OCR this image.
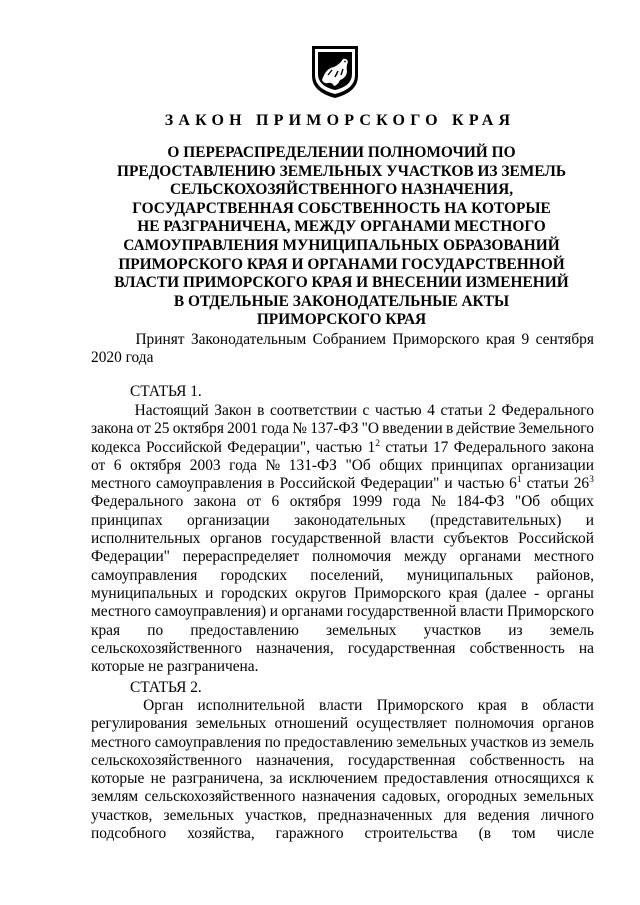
ЗАКОН ПРИМОРСКОГО КРАЯ
О ПЕРЕРАСПРЕДЕЛЕНИИ ПОЛНОМОЧИЙ ПО
ПРЕДОСТАВЛЕНИЮ ЗЕМЕЛЬНЫХ УЧАСТКОВ ИЗ ЗЕМЕЛЬ
СЕЛЬСКОХОЗЯЙСТВЕННОГО НАЗНАЧЕНИЯ,
ГОСУДАРСТВЕННАЯ СОБСТВЕННОСТЬ НА КОТОРЫЕ
НЕ РАЗГРАНИЧЕНА, МЕЖДУ ОРГАНАМИ МЕСТНОГО
САМОУПРАВЛЕНИЯ МУНИЦИПАЛЬНЫХ ОБРАЗОВАНИЙ
ПРИМОРСКОГО КРАЯ И ОРГАНАМИ ГОСУДАРСТВЕННОЙ
ВЛАСТИ ПРИМОРСКОГО КРАЯ И ВНЕСЕНИИ ИЗМЕНЕНИЙ
В ОТДЕЛЬНЫЕ ЗАКОНОДАТЕЛЬНЫЕ АКТЫ
ПРИМОРСКОГО КРАЯ
Принят Законодательным Собранием Приморского края 9 сентября
2020 года
СТАТЬЯ 1.
Настоящий Закон в соответствии с частью 4 статьи 2 Федерального
закона от 25 октября 2001 года № 137-ФЗ "О введении в действие Земельного
кодекса Российской Федерации", частью $1^2$ статьи 17 Федерального закона
от 6 октября 2003 года № 131-ФЗ "Об общих принципах организации
местного самоуправления в Российской Федерации" и частью $6^1$ статьи $26^3$
Федерального закона от 6 октября 1999 года № 184-ФЗ "Об общих
принципах организации законодательных (представительных) и
исполнительных органов государственной власти субъектов Российской
Федерации" перераспределяет полномочия между органами местного
самоуправления городских поселений, муниципальных районов,
муниципальных и городских округов Приморского края (далее - органы
местного самоуправления) и органами государственной власти Приморского
края по предоставлению земельных участков из земель
сельскохозяйственного назначения, государственная собственность на
которые не разграничена.
СТАТЬЯ 2.
Орган исполнительной власти Приморского края в области
регулирования земельных отношений осуществляет полномочия органов
местного самоуправления по предоставлению земельных участков из земель
сельскохозяйственного назначения, государственная собственность на
которые не разграничена, за исключением предоставления относящихся к
землям сельскохозяйственного назначения садовых, огородных земельных
участков, земельных участков, предназначенных для ведения личного
подсобного хозяйства, гаражного строительства (в том числе
